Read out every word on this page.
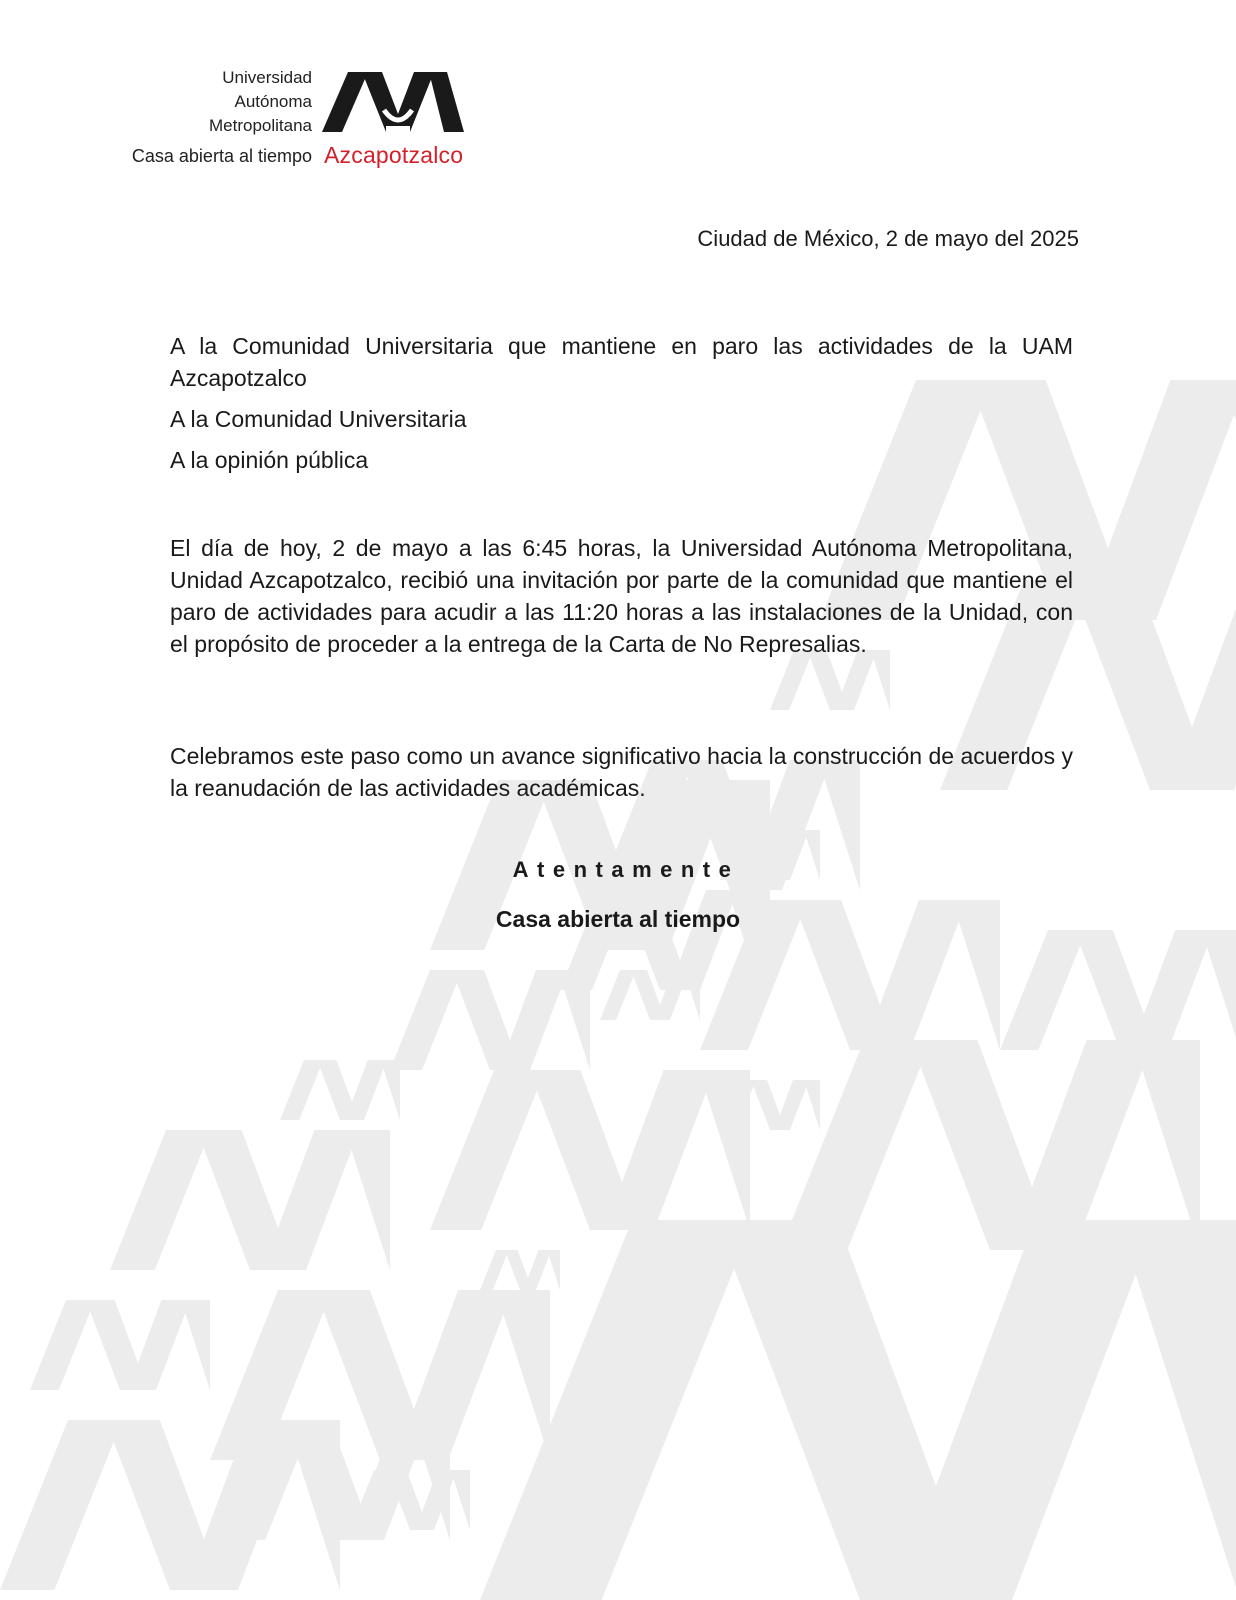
Universidad
Autónoma
Metropolitana
Casa abierta al tiempo Azcapotzalco
Ciudad de México, 2 de mayo del 2025

A la Comunidad Universitaria que mantiene en paro las actividades de la UAM Azcapotzalco

A la Comunidad Universitaria

A la opinión pública

El día de hoy, 2 de mayo a las 6:45 horas, la Universidad Autónoma Metropolitana, Unidad Azcapotzalco, recibió una invitación por parte de la comunidad que mantiene el paro de actividades para acudir a las 11:20 horas a las instalaciones de la Unidad, con el propósito de proceder a la entrega de la Carta de No Represalias.

Celebramos este paso como un avance significativo hacia la construcción de acuerdos y la reanudación de las actividades académicas.

Atentamente
Casa abierta al tiempo
